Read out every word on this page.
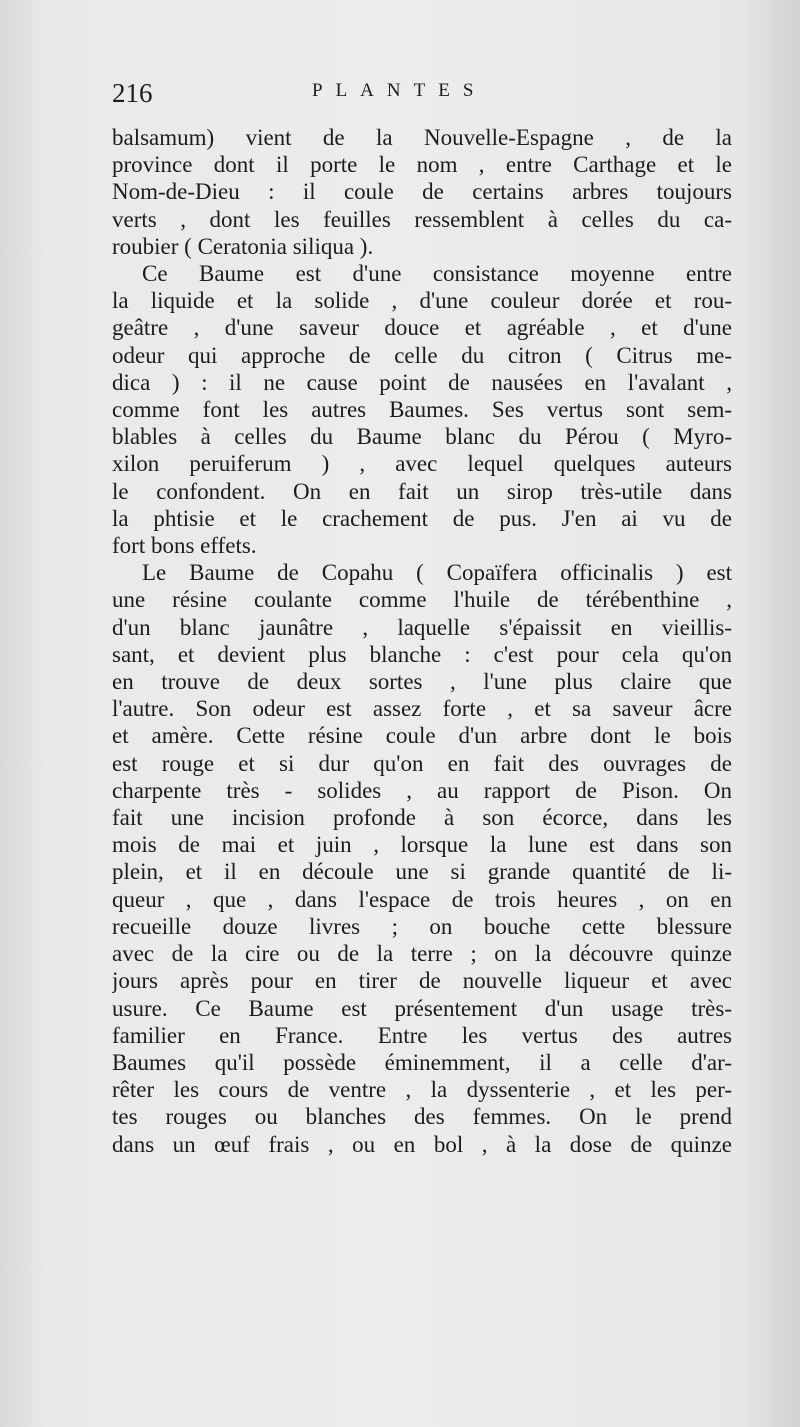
216	PLANTES
balsamum) vient de la Nouvelle-Espagne , de la
province dont il porte le nom , entre Carthage et le
Nom-de-Dieu : il coule de certains arbres toujours
verts , dont les feuilles ressemblent à celles du ca-
roubier ( Ceratonia siliqua ).
Ce Baume est d'une consistance moyenne entre
la liquide et la solide , d'une couleur dorée et rou-
geâtre , d'une saveur douce et agréable , et d'une
odeur qui approche de celle du citron ( Citrus me-
dica ) : il ne cause point de nausées en l'avalant ,
comme font les autres Baumes. Ses vertus sont sem-
blables à celles du Baume blanc du Pérou ( Myro-
xilon peruiferum ) , avec lequel quelques auteurs
le confondent. On en fait un sirop très-utile dans
la phtisie et le crachement de pus. J'en ai vu de
fort bons effets.
Le Baume de Copahu ( Copaïfera officinalis ) est
une résine coulante comme l'huile de térébenthine ,
d'un blanc jaunâtre , laquelle s'épaissit en vieillis-
sant, et devient plus blanche : c'est pour cela qu'on
en trouve de deux sortes , l'une plus claire que
l'autre. Son odeur est assez forte , et sa saveur âcre
et amère. Cette résine coule d'un arbre dont le bois
est rouge et si dur qu'on en fait des ouvrages de
charpente très - solides , au rapport de Pison. On
fait une incision profonde à son écorce, dans les
mois de mai et juin , lorsque la lune est dans son
plein, et il en découle une si grande quantité de li-
queur , que , dans l'espace de trois heures , on en
recueille douze livres ; on bouche cette blessure
avec de la cire ou de la terre ; on la découvre quinze
jours après pour en tirer de nouvelle liqueur et avec
usure. Ce Baume est présentement d'un usage très-
familier en France. Entre les vertus des autres
Baumes qu'il possède éminemment, il a celle d'ar-
rêter les cours de ventre , la dyssenterie , et les per-
tes rouges ou blanches des femmes. On le prend
dans un œuf frais , ou en bol , à la dose de quinze
